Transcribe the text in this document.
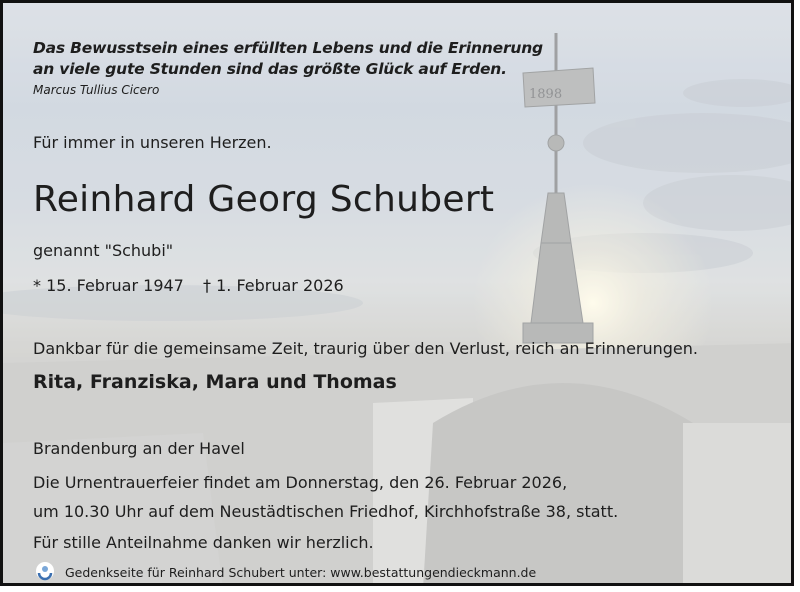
1898
Das Bewusstsein eines erfüllten Lebens und die Erinnerung
an viele gute Stunden sind das größte Glück auf Erden.
Marcus Tullius Cicero
Für immer in unseren Herzen.
Reinhard Georg Schubert
genannt "Schubi"
* 15. Februar 1947 † 1. Februar 2026
Dankbar für die gemeinsame Zeit, traurig über den Verlust, reich an Erinnerungen.
Rita, Franziska, Mara und Thomas
Brandenburg an der Havel
Die Urnentrauerfeier findet am Donnerstag, den 26. Februar 2026,
um 10.30 Uhr auf dem Neustädtischen Friedhof, Kirchhofstraße 38, statt.
Für stille Anteilnahme danken wir herzlich.
Gedenkseite für Reinhard Schubert unter: www.bestattungendieckmann.de
